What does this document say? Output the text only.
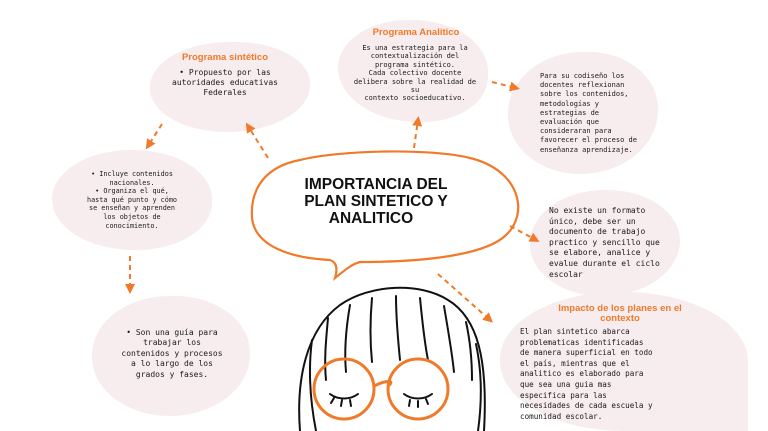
IMPORTANCIA DEL
PLAN SINTETICO Y
ANALITICO
Programa sintético
• Propuesto por las
autoridades educativas
Federales
Programa Analitico
Es una estrategia para la
contextualización del
programa sintético.
Cada colectivo docente
delibera sobre la realidad de
su
contexto socioeducativo.
Para su codiseño los
docentes reflexionan
sobre los contenidos,
metodologías y
estrategias de
evaluación que
consideraran para
favorecer el proceso de
enseñanza aprendizaje.
• Incluye contenidos
nacionales.
• Organiza el qué,
hasta qué punto y cómo
se enseñan y aprenden
los objetos de
conocimiento.
• Son una guía para
trabajar los
contenidos y procesos
a lo largo de los
grados y fases.
No existe un formato
único, debe ser un
documento de trabajo
practico y sencillo que
se elabore, analice y
evalue durante el ciclo
escolar
Impacto de los planes en el
contexto
El plan sintetico abarca
problematicas identificadas
de manera superficial en todo
el país, mientras que el
analitico es elaborado para
que sea una guia mas
especifica para las
necesidades de cada escuela y
comunidad escolar.
